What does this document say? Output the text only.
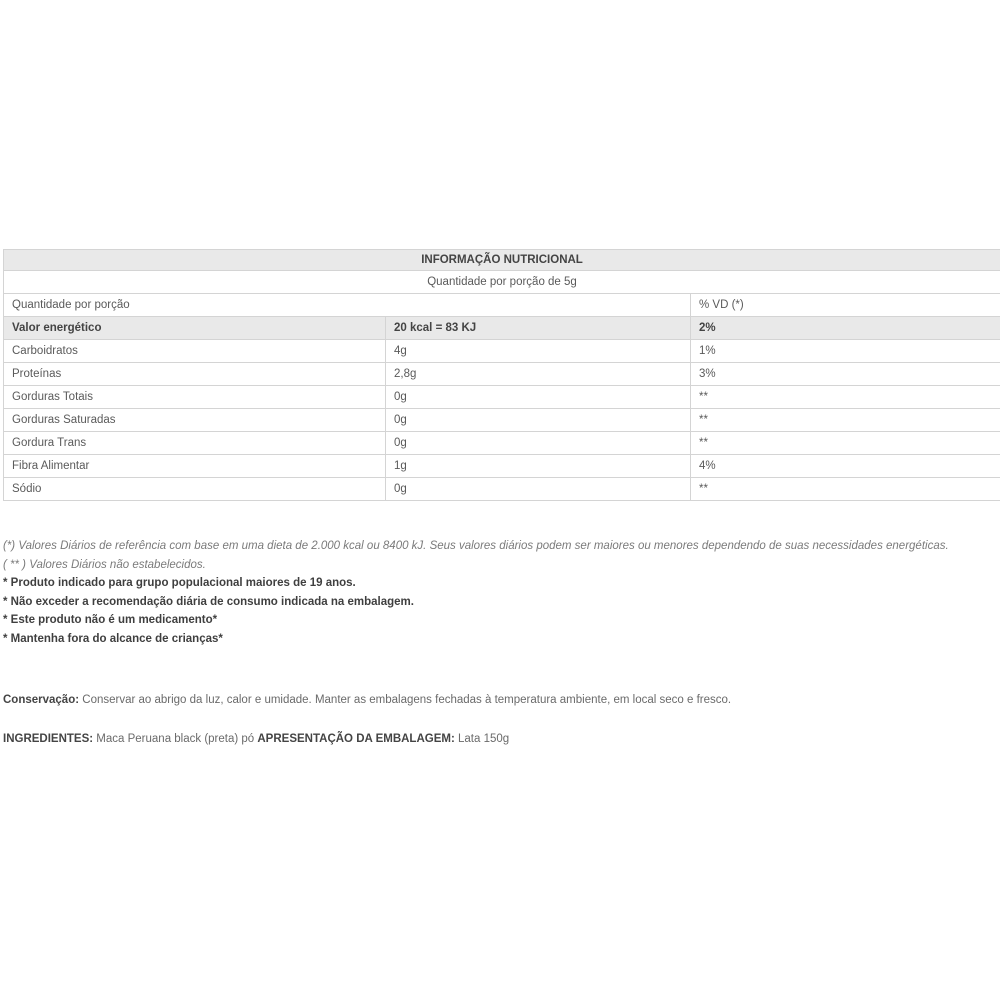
INFORMAÇÃO NUTRICIONAL		
Quantidade por porção de 5g		
Quantidade por porção		% VD (*)
Valor energético	20 kcal = 83 KJ	2%
Carboidratos	4g	1%
Proteínas	2,8g	3%
Gorduras Totais	0g	**
Gorduras Saturadas	0g	**
Gordura Trans	0g	**
Fibra Alimentar	1g	4%
Sódio	0g	**
(*) Valores Diários de referência com base em uma dieta de 2.000 kcal ou 8400 kJ. Seus valores diários podem ser maiores ou menores dependendo de suas necessidades energéticas.
( ** ) Valores Diários não estabelecidos.
* Produto indicado para grupo populacional maiores de 19 anos.
* Não exceder a recomendação diária de consumo indicada na embalagem.
* Este produto não é um medicamento*
* Mantenha fora do alcance de crianças*
Conservação: Conservar ao abrigo da luz, calor e umidade. Manter as embalagens fechadas à temperatura ambiente, em local seco e fresco.
INGREDIENTES: Maca Peruana black (preta) pó APRESENTAÇÃO DA EMBALAGEM: Lata 150g
